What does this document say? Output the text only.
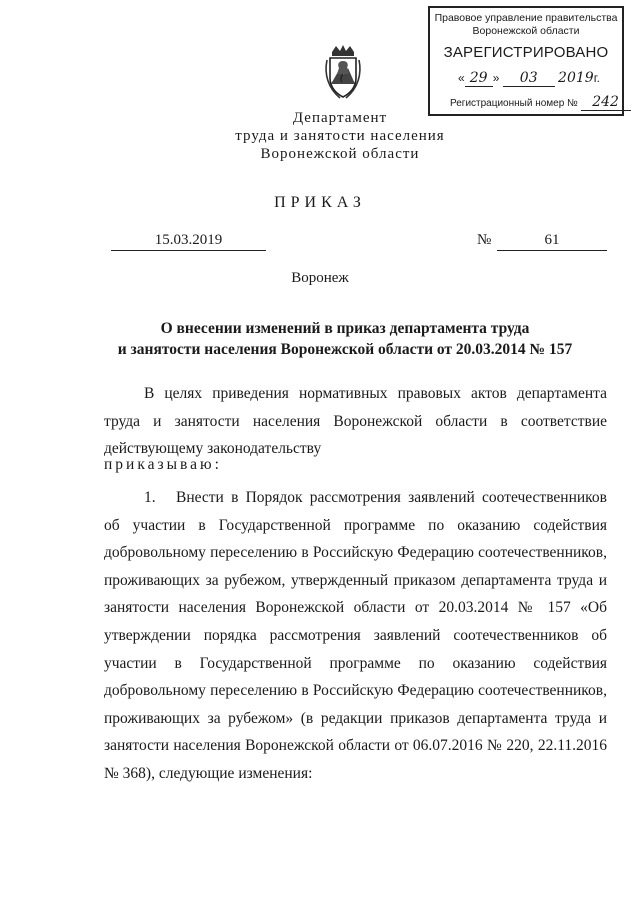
Правовое управление правительства
Воронежской области
ЗАРЕГИСТРИРОВАНО
« 29 » 03 2019г.
Регистрационный номер № 242
Департамент
труда и занятости населения
Воронежской области
ПРИКАЗ
15.03.2019	№	61
Воронеж
О внесении изменений в приказ департамента труда
и занятости населения Воронежской области от 20.03.2014 № 157
В целях приведения нормативных правовых актов департамента труда и занятости населения Воронежской области в соответствие действующему законодательству
приказываю:
1. Внести в Порядок рассмотрения заявлений соотечественников об участии в Государственной программе по оказанию содействия добровольному переселению в Российскую Федерацию соотечественников, проживающих за рубежом, утвержденный приказом департамента труда и занятости населения Воронежской области от 20.03.2014 № 157 «Об утверждении порядка рассмотрения заявлений соотечественников об участии в Государственной программе по оказанию содействия добровольному переселению в Российскую Федерацию соотечественников, проживающих за рубежом» (в редакции приказов департамента труда и занятости населения Воронежской области от 06.07.2016 № 220, 22.11.2016 № 368), следующие изменения:
